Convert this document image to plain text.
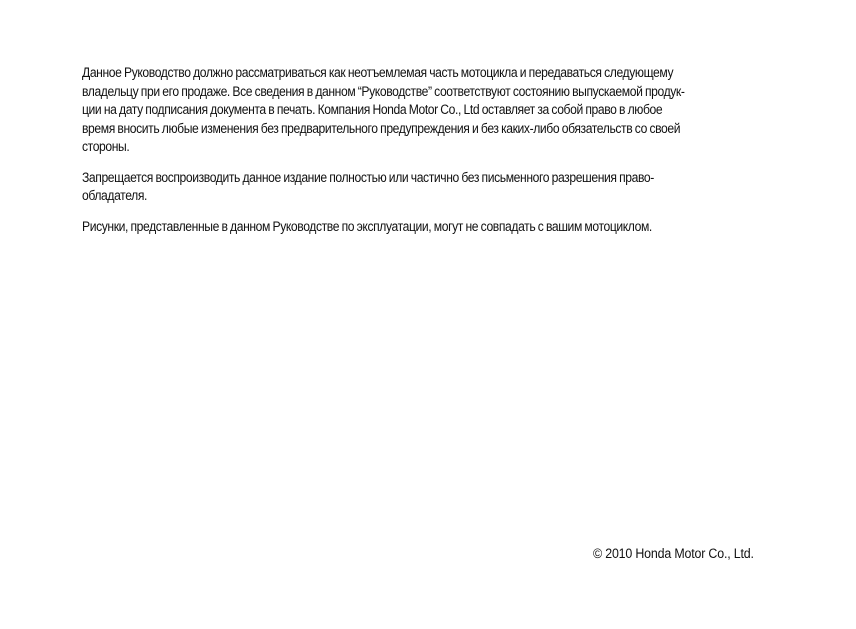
Данное Руководство должно рассматриваться как неотъемлемая часть мотоцикла и передаваться следующему
владельцу при его продаже. Все сведения в данном “Руководстве” соответствуют состоянию выпускаемой продук-
ции на дату подписания документа в печать. Компания Honda Motor Co., Ltd оставляет за собой право в любое
время вносить любые изменения без предварительного предупреждения и без каких-либо обязательств со своей
стороны.

Запрещается воспроизводить данное издание полностью или частично без письменного разрешения право-
обладателя.

Рисунки, представленные в данном Руководстве по эксплуатации, могут не совпадать с вашим мотоциклом.

© 2010 Honda Motor Co., Ltd.
